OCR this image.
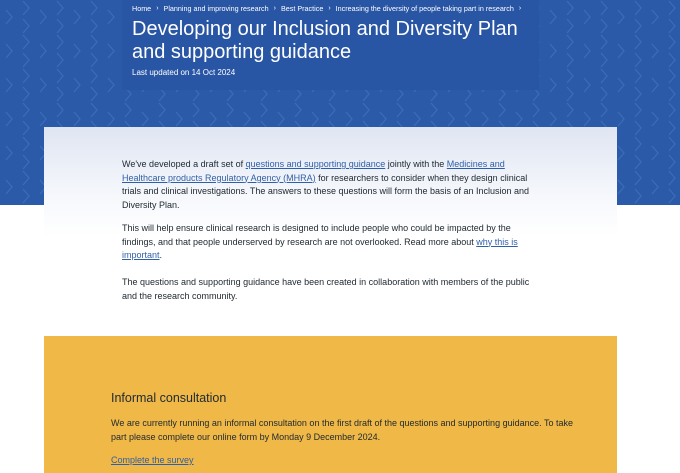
Home › Planning and improving research › Best Practice › Increasing the diversity of people taking part in research ›
Developing our Inclusion and Diversity Plan and supporting guidance
Last updated on 14 Oct 2024

We've developed a draft set of questions and supporting guidance jointly with the Medicines and Healthcare products Regulatory Agency (MHRA) for researchers to consider when they design clinical trials and clinical investigations. The answers to these questions will form the basis of an Inclusion and Diversity Plan.

This will help ensure clinical research is designed to include people who could be impacted by the findings, and that people underserved by research are not overlooked. Read more about why this is important.

The questions and supporting guidance have been created in collaboration with members of the public and the research community.

Informal consultation

We are currently running an informal consultation on the first draft of the questions and supporting guidance. To take part please complete our online form by Monday 9 December 2024.

Complete the survey
